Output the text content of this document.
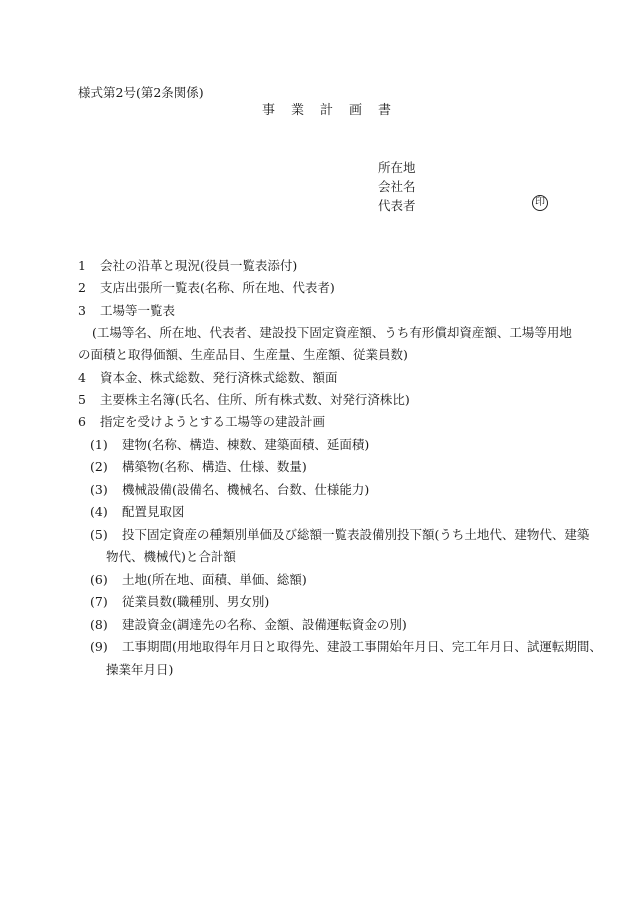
様式第2号(第2条関係)
事業計画書
所在地
会社名
代表者	印
1 会社の沿革と現況(役員一覧表添付)
2 支店出張所一覧表(名称、所在地、代表者)
3 工場等一覧表
(工場等名、所在地、代表者、建設投下固定資産額、うち有形償却資産額、工場等用地
の面積と取得価額、生産品目、生産量、生産額、従業員数)
4 資本金、株式総数、発行済株式総数、額面
5 主要株主名簿(氏名、住所、所有株式数、対発行済株比)
6 指定を受けようとする工場等の建設計画
(1) 建物(名称、構造、棟数、建築面積、延面積)
(2) 構築物(名称、構造、仕様、数量)
(3) 機械設備(設備名、機械名、台数、仕様能力)
(4) 配置見取図
(5) 投下固定資産の種類別単価及び総額一覧表設備別投下額(うち土地代、建物代、建築
物代、機械代)と合計額
(6) 土地(所在地、面積、単価、総額)
(7) 従業員数(職種別、男女別)
(8) 建設資金(調達先の名称、金額、設備運転資金の別)
(9) 工事期間(用地取得年月日と取得先、建設工事開始年月日、完工年月日、試運転期間、
操業年月日)
